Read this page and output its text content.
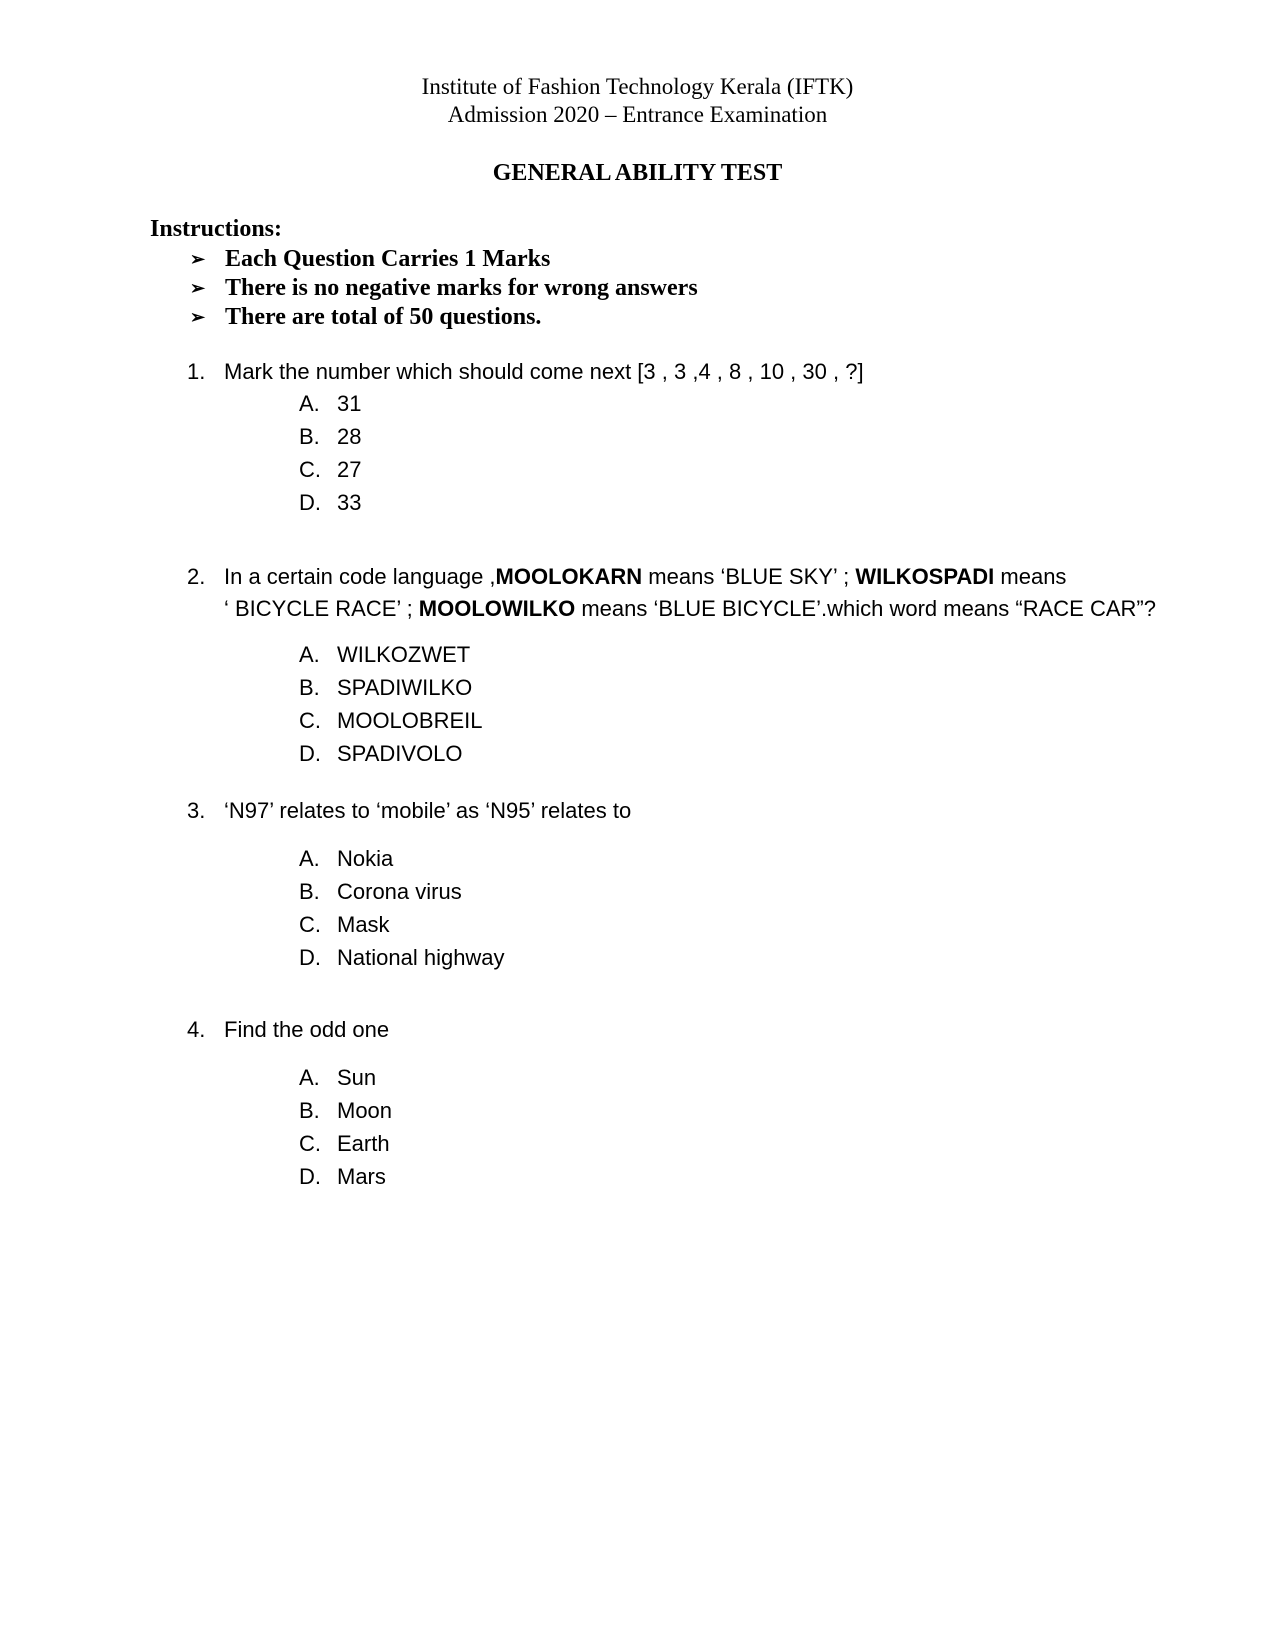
Institute of Fashion Technology Kerala (IFTK)
Admission 2020 – Entrance Examination
GENERAL ABILITY TEST
Instructions:
➢ Each Question Carries 1 Marks
➢ There is no negative marks for wrong answers
➢ There are total of 50 questions.
1. Mark the number which should come next [3 , 3 ,4 , 8 , 10 , 30 , ?]
A. 31
B. 28
C. 27
D. 33
2. In a certain code language ,MOOLOKARN means ‘BLUE SKY’ ; WILKOSPADI means
‘ BICYCLE RACE’ ; MOOLOWILKO means ‘BLUE BICYCLE’.which word means “RACE CAR”?
A. WILKOZWET
B. SPADIWILKO
C. MOOLOBREIL
D. SPADIVOLO
3. ‘N97’ relates to ‘mobile’ as ‘N95’ relates to
A. Nokia
B. Corona virus
C. Mask
D. National highway
4. Find the odd one
A. Sun
B. Moon
C. Earth
D. Mars
